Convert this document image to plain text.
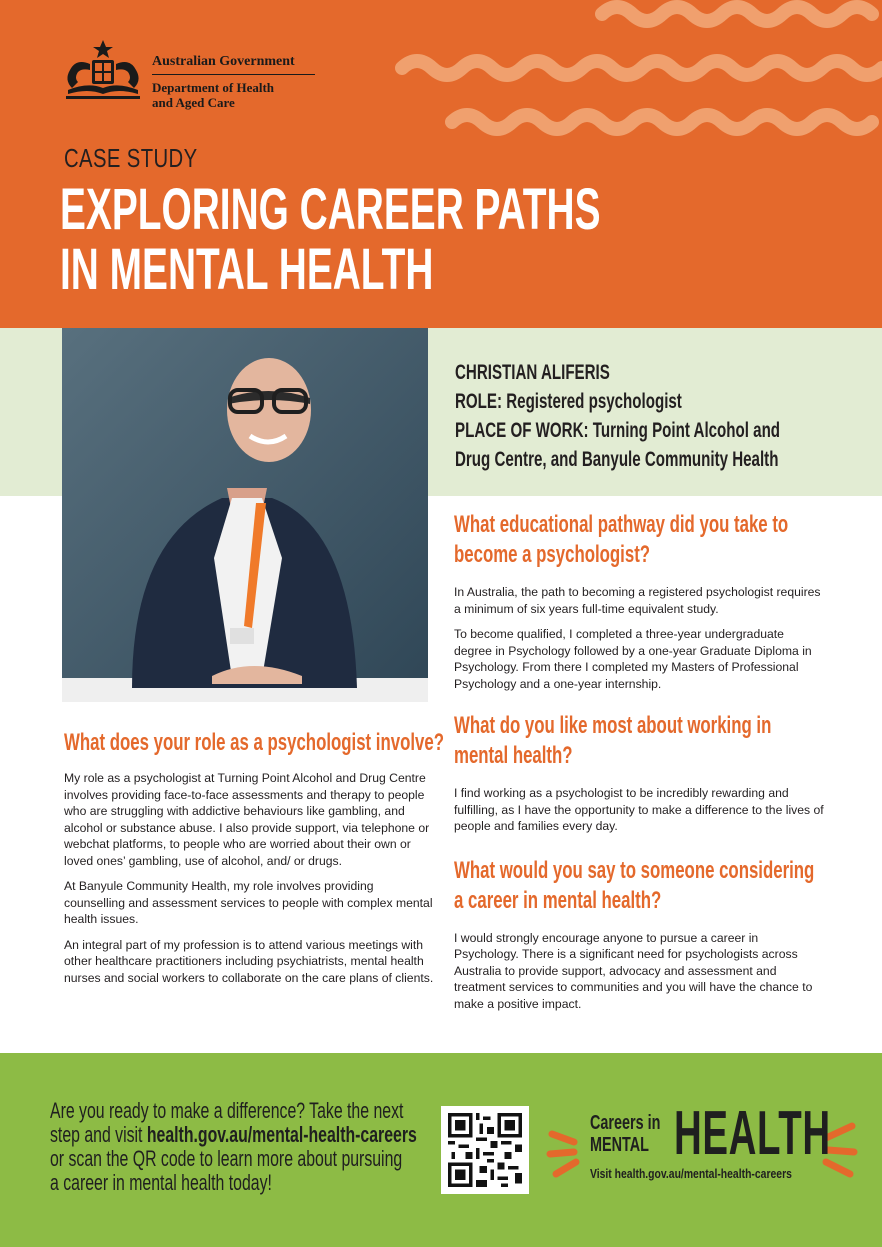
Australian Government
Department of Health
and Aged Care
CASE STUDY
EXPLORING CAREER PATHS
IN MENTAL HEALTH
CHRISTIAN ALIFERIS
ROLE: Registered psychologist
PLACE OF WORK: Turning Point Alcohol and
Drug Centre, and Banyule Community Health
What educational pathway did you take to
become a psychologist?

In Australia, the path to becoming a registered psychologist requires a minimum of six years full-time equivalent study.

To become qualified, I completed a three-year undergraduate degree in Psychology followed by a one-year Graduate Diploma in Psychology. From there I completed my Masters of Professional Psychology and a one-year internship.

What do you like most about working in
mental health?

I find working as a psychologist to be incredibly rewarding and fulfilling, as I have the opportunity to make a difference to the lives of people and families every day.

What would you say to someone considering
a career in mental health?

I would strongly encourage anyone to pursue a career in Psychology. There is a significant need for psychologists across Australia to provide support, advocacy and assessment and treatment services to communities and you will have the chance to make a positive impact.

What does your role as a psychologist involve?

My role as a psychologist at Turning Point Alcohol and Drug Centre involves providing face-to-face assessments and therapy to people who are struggling with addictive behaviours like gambling, and alcohol or substance abuse. I also provide support, via telephone or webchat platforms, to people who are worried about their own or loved ones’ gambling, use of alcohol, and/ or drugs.

At Banyule Community Health, my role involves providing counselling and assessment services to people with complex mental health issues.

An integral part of my profession is to attend various meetings with other healthcare practitioners including psychiatrists, mental health nurses and social workers to collaborate on the care plans of clients.

Are you ready to make a difference? Take the next
step and visit health.gov.au/mental-health-careers
or scan the QR code to learn more about pursuing
a career in mental health today!
Careers in
MENTAL HEALTH
Visit health.gov.au/mental-health-careers
